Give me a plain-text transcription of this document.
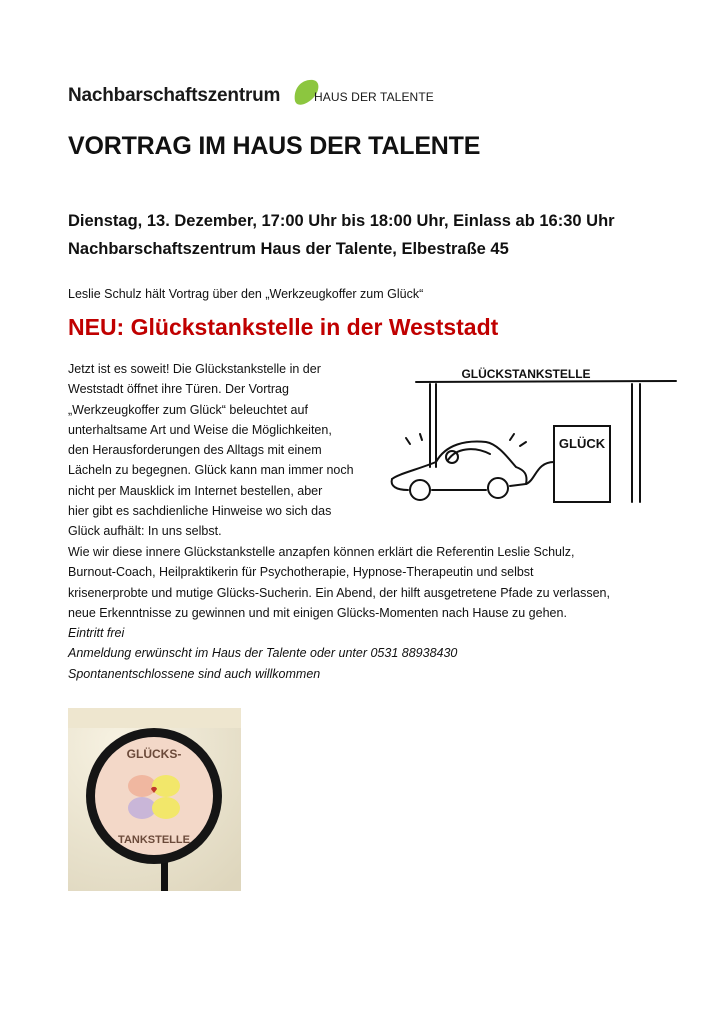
Nachbarschaftszentrum	HAUS DER TALENTE
VORTRAG IM HAUS DER TALENTE
Dienstag, 13. Dezember, 17:00 Uhr bis 18:00 Uhr, Einlass ab 16:30 Uhr
Nachbarschaftszentrum Haus der Talente, Elbestraße 45
Leslie Schulz hält Vortrag über den „Werkzeugkoffer zum Glück“
NEU: Glückstankstelle in der Weststadt
Jetzt ist es soweit! Die Glückstankstelle in der
Weststadt öffnet ihre Türen. Der Vortrag
„Werkzeugkoffer zum Glück“ beleuchtet auf
unterhaltsame Art und Weise die Möglichkeiten,
den Herausforderungen des Alltags mit einem
Lächeln zu begegnen. Glück kann man immer noch
nicht per Mausklick im Internet bestellen, aber
hier gibt es sachdienliche Hinweise wo sich das
Glück aufhält: In uns selbst.
Wie wir diese innere Glückstankstelle anzapfen können erklärt die Referentin Leslie Schulz,
Burnout-Coach, Heilpraktikerin für Psychotherapie, Hypnose-Therapeutin und selbst
krisenerprobte und mutige Glücks-Sucherin. Ein Abend, der hilft ausgetretene Pfade zu verlassen,
neue Erkenntnisse zu gewinnen und mit einigen Glücks-Momenten nach Hause zu gehen.
Eintritt frei
Anmeldung erwünscht im Haus der Talente oder unter 0531 88938430
Spontanentschlossene sind auch willkommen
GLÜCKSTANKSTELLE
GLÜCK
GLÜCKS-
TANKSTELLE
